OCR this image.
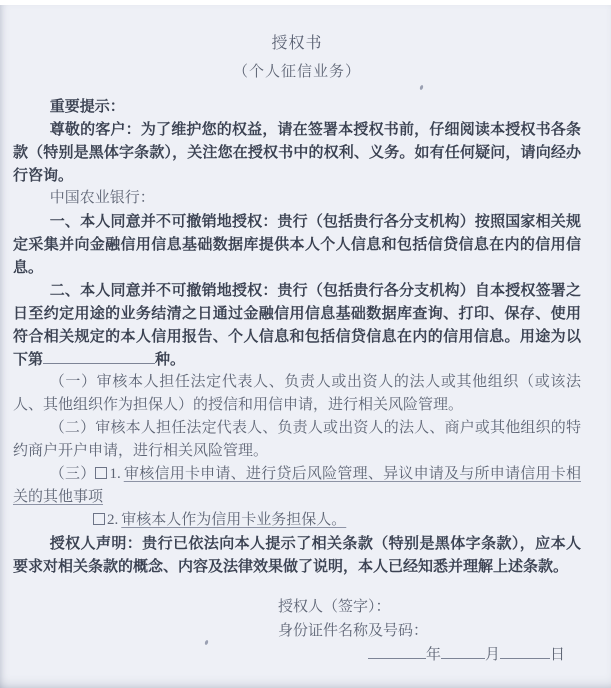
授权书
（个人征信业务）

重要提示：

尊敬的客户：为了维护您的权益，请在签署本授权书前，仔细阅读本授权书各条款（特别是黑体字条款），关注您在授权书中的权利、义务。如有任何疑问，请向经办行咨询。

中国农业银行：

一、本人同意并不可撤销地授权：贵行（包括贵行各分支机构）按照国家相关规定采集并向金融信用信息基础数据库提供本人个人信息和包括信贷信息在内的信用信息。

二、本人同意并不可撤销地授权：贵行（包括贵行各分支机构）自本授权签署之日至约定用途的业务结清之日通过金融信用信息基础数据库查询、打印、保存、使用符合相关规定的本人信用报告、个人信息和包括信贷信息在内的信用信息。用途为以下第	种。

（一）审核本人担任法定代表人、负责人或出资人的法人或其他组织（或该法人、其他组织作为担保人）的授信和用信申请，进行相关风险管理。

（二）审核本人担任法定代表人、负责人或出资人的法人、商户或其他组织的特约商户开户申请，进行相关风险管理。

（三） 1. 审核信用卡申请、进行贷后风险管理、异议申请及与所申请信用卡相关的其他事项

2. 审核本人作为信用卡业务担保人。

授权人声明：贵行已依法向本人提示了相关条款（特别是黑体字条款），应本人要求对相关条款的概念、内容及法律效果做了说明，本人已经知悉并理解上述条款。

授权人（签字）：

身份证件名称及号码：

年	月	日
